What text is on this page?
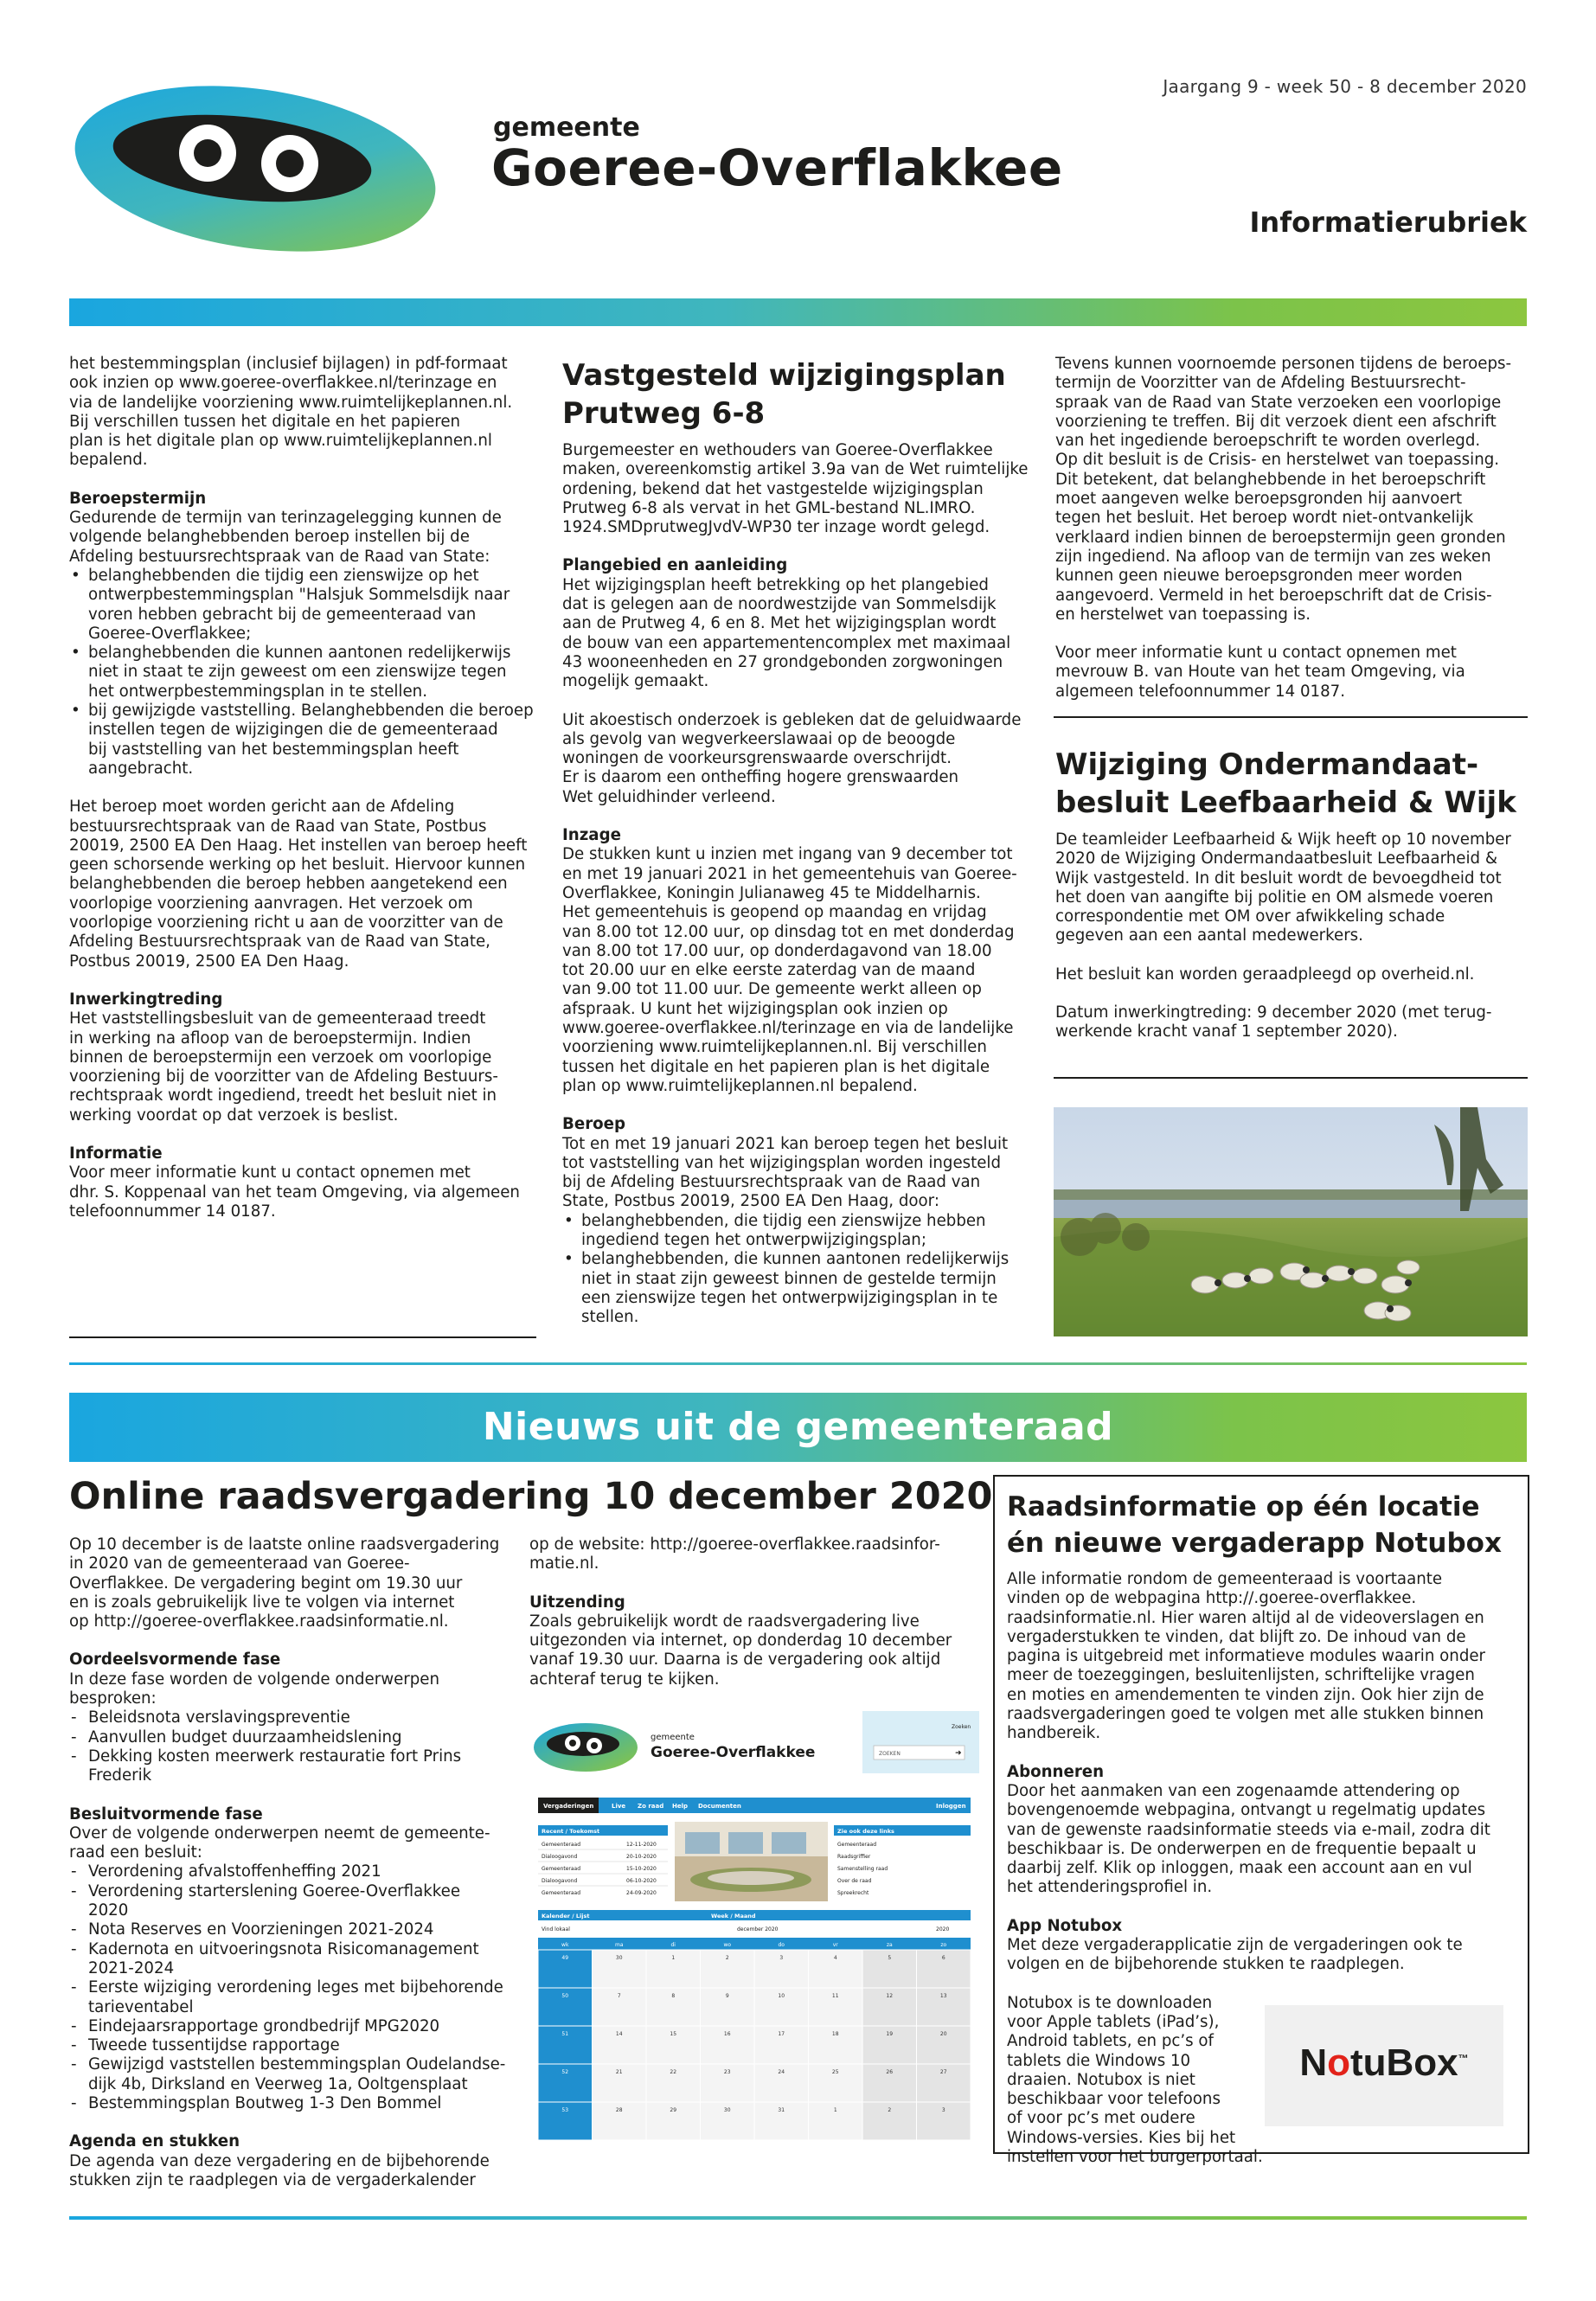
Jaargang 9 - week 50 - 8 december 2020
gemeente
Goeree-Overflakkee
Informatierubriek

het bestemmingsplan (inclusief bijlagen) in pdf-formaat

ook inzien op www.goeree-overflakkee.nl/terinzage en

via de landelijke voorziening www.ruimtelijkeplannen.nl.

Bij verschillen tussen het digitale en het papieren

plan is het digitale plan op www.ruimtelijkeplannen.nl

bepalend.

Beroepstermijn

Gedurende de termijn van terinzagelegging kunnen de

volgende belanghebbenden beroep instellen bij de

Afdeling bestuursrechtspraak van de Raad van State:

• belanghebbenden die tijdig een zienswijze op het

ontwerpbestemmingsplan "Halsjuk Sommelsdijk naar

voren hebben gebracht bij de gemeenteraad van

Goeree-Overflakkee;

• belanghebbenden die kunnen aantonen redelijkerwijs

niet in staat te zijn geweest om een zienswijze tegen

het ontwerpbestemmingsplan in te stellen.

• bij gewijzigde vaststelling. Belanghebbenden die beroep

instellen tegen de wijzigingen die de gemeenteraad

bij vaststelling van het bestemmingsplan heeft

aangebracht.

Het beroep moet worden gericht aan de Afdeling

bestuursrechtspraak van de Raad van State, Postbus

20019, 2500 EA Den Haag. Het instellen van beroep heeft

geen schorsende werking op het besluit. Hiervoor kunnen

belanghebbenden die beroep hebben aangetekend een

voorlopige voorziening aanvragen. Het verzoek om

voorlopige voorziening richt u aan de voorzitter van de

Afdeling Bestuursrechtspraak van de Raad van State,

Postbus 20019, 2500 EA Den Haag.

Inwerkingtreding

Het vaststellingsbesluit van de gemeenteraad treedt

in werking na afloop van de beroepstermijn. Indien

binnen de beroepstermijn een verzoek om voorlopige

voorziening bij de voorzitter van de Afdeling Bestuurs-

rechtspraak wordt ingediend, treedt het besluit niet in

werking voordat op dat verzoek is beslist.

Informatie

Voor meer informatie kunt u contact opnemen met

dhr. S. Koppenaal van het team Omgeving, via algemeen

telefoonnummer 14 0187.

Vastgesteld wijzigingsplan

Prutweg 6-8

Burgemeester en wethouders van Goeree-Overflakkee

maken, overeenkomstig artikel 3.9a van de Wet ruimtelijke

ordening, bekend dat het vastgestelde wijzigingsplan

Prutweg 6-8 als vervat in het GML-bestand NL.IMRO.

1924.SMDprutwegJvdV-WP30 ter inzage wordt gelegd.

Plangebied en aanleiding

Het wijzigingsplan heeft betrekking op het plangebied

dat is gelegen aan de noordwestzijde van Sommelsdijk

aan de Prutweg 4, 6 en 8. Met het wijzigingsplan wordt

de bouw van een appartementencomplex met maximaal

43 wooneenheden en 27 grondgebonden zorgwoningen

mogelijk gemaakt.

Uit akoestisch onderzoek is gebleken dat de geluidwaarde

als gevolg van wegverkeerslawaai op de beoogde

woningen de voorkeursgrenswaarde overschrijdt.

Er is daarom een ontheffing hogere grenswaarden

Wet geluidhinder verleend.

Inzage

De stukken kunt u inzien met ingang van 9 december tot

en met 19 januari 2021 in het gemeentehuis van Goeree-

Overflakkee, Koningin Julianaweg 45 te Middelharnis.

Het gemeentehuis is geopend op maandag en vrijdag

van 8.00 tot 12.00 uur, op dinsdag tot en met donderdag

van 8.00 tot 17.00 uur, op donderdagavond van 18.00

tot 20.00 uur en elke eerste zaterdag van de maand

van 9.00 tot 11.00 uur. De gemeente werkt alleen op

afspraak. U kunt het wijzigingsplan ook inzien op

www.goeree-overflakkee.nl/terinzage en via de landelijke

voorziening www.ruimtelijkeplannen.nl. Bij verschillen

tussen het digitale en het papieren plan is het digitale

plan op www.ruimtelijkeplannen.nl bepalend.

Beroep

Tot en met 19 januari 2021 kan beroep tegen het besluit

tot vaststelling van het wijzigingsplan worden ingesteld

bij de Afdeling Bestuursrechtspraak van de Raad van

State, Postbus 20019, 2500 EA Den Haag, door:

• belanghebbenden, die tijdig een zienswijze hebben

ingediend tegen het ontwerpwijzigingsplan;

• belanghebbenden, die kunnen aantonen redelijkerwijs

niet in staat zijn geweest binnen de gestelde termijn

een zienswijze tegen het ontwerpwijzigingsplan in te

stellen.

Tevens kunnen voornoemde personen tijdens de beroeps-

termijn de Voorzitter van de Afdeling Bestuursrecht-

spraak van de Raad van State verzoeken een voorlopige

voorziening te treffen. Bij dit verzoek dient een afschrift

van het ingediende beroepschrift te worden overlegd.

Op dit besluit is de Crisis- en herstelwet van toepassing.

Dit betekent, dat belanghebbende in het beroepschrift

moet aangeven welke beroepsgronden hij aanvoert

tegen het besluit. Het beroep wordt niet-ontvankelijk

verklaard indien binnen de beroepstermijn geen gronden

zijn ingediend. Na afloop van de termijn van zes weken

kunnen geen nieuwe beroepsgronden meer worden

aangevoerd. Vermeld in het beroepschrift dat de Crisis-

en herstelwet van toepassing is.

Voor meer informatie kunt u contact opnemen met

mevrouw B. van Houte van het team Omgeving, via

algemeen telefoonnummer 14 0187.

Wijziging Ondermandaat-

besluit Leefbaarheid & Wijk

De teamleider Leefbaarheid & Wijk heeft op 10 november

2020 de Wijziging Ondermandaatbesluit Leefbaarheid &

Wijk vastgesteld. In dit besluit wordt de bevoegdheid tot

het doen van aangifte bij politie en OM alsmede voeren

correspondentie met OM over afwikkeling schade

gegeven aan een aantal medewerkers.

Het besluit kan worden geraadpleegd op overheid.nl.

Datum inwerkingtreding: 9 december 2020 (met terug-

werkende kracht vanaf 1 september 2020).

Nieuws uit de gemeenteraad
Online raadsvergadering 10 december 2020

Op 10 december is de laatste online raadsvergadering

in 2020 van de gemeenteraad van Goeree-

Overflakkee. De vergadering begint om 19.30 uur

en is zoals gebruikelijk live te volgen via internet

op http://goeree-overflakkee.raadsinformatie.nl.

Oordeelsvormende fase

In deze fase worden de volgende onderwerpen

besproken:

- Beleidsnota verslavingspreventie

- Aanvullen budget duurzaamheidslening

- Dekking kosten meerwerk restauratie fort Prins

Frederik

Besluitvormende fase

Over de volgende onderwerpen neemt de gemeente-

raad een besluit:

- Verordening afvalstoffenheffing 2021

- Verordening starterslening Goeree-Overflakkee

2020

- Nota Reserves en Voorzieningen 2021-2024

- Kadernota en uitvoeringsnota Risicomanagement

2021-2024

- Eerste wijziging verordening leges met bijbehorende

tarieventabel

- Eindejaarsrapportage grondbedrijf MPG2020

- Tweede tussentijdse rapportage

- Gewijzigd vaststellen bestemmingsplan Oudelandse-

dijk 4b, Dirksland en Veerweg 1a, Ooltgensplaat

- Bestemmingsplan Boutweg 1-3 Den Bommel

Agenda en stukken

De agenda van deze vergadering en de bijbehorende

stukken zijn te raadplegen via de vergaderkalender

op de website: http://goeree-overflakkee.raadsinfor-

matie.nl.

Uitzending

Zoals gebruikelijk wordt de raadsvergadering live

uitgezonden via internet, op donderdag 10 december

vanaf 19.30 uur. Daarna is de vergadering ook altijd

achteraf terug te kijken.

gemeente
Goeree-Overflakkee
Zoeken
ZOEKEN	➜
Vergaderingen	Live Zo raad Help Documenten	Inloggen
Recent / Toekomst
Gemeenteraad	12-11-2020
Dialoogavond	20-10-2020
Gemeenteraad	15-10-2020
Dialoogavond	06-10-2020
Gemeenteraad	24-09-2020
Zie ook deze links
Gemeenteraad
Raadsgriffier
Samenstelling raad
Over de raad
Spreekrecht
Kalender / Lijst	Week / Maand
Vind lokaal	december 2020	2020
wk	ma	di	wo	do	vr	za	zo
49	30	1	2	3	4	5	6
50	7	8	9	10	11	12	13
51	14	15	16	17	18	19	20
52	21	22	23	24	25	26	27
53	28	29	30	31	1	2	3

Raadsinformatie op één locatie

én nieuwe vergaderapp Notubox

Alle informatie rondom de gemeenteraad is voortaante

vinden op de webpagina http://.goeree-overflakkee.

raadsinformatie.nl. Hier waren altijd al de videoverslagen en

vergaderstukken te vinden, dat blijft zo. De inhoud van de

pagina is uitgebreid met informatieve modules waarin onder

meer de toezeggingen, besluitenlijsten, schriftelijke vragen

en moties en amendementen te vinden zijn. Ook hier zijn de

raadsvergaderingen goed te volgen met alle stukken binnen

handbereik.

Abonneren

Door het aanmaken van een zogenaamde attendering op

bovengenoemde webpagina, ontvangt u regelmatig updates

van de gewenste raadsinformatie steeds via e-mail, zodra dit

beschikbaar is. De onderwerpen en de frequentie bepaalt u

daarbij zelf. Klik op inloggen, maak een account aan en vul

het attenderingsprofiel in.

App Notubox

Met deze vergaderapplicatie zijn de vergaderingen ook te

volgen en de bijbehorende stukken te raadplegen.

Notubox is te downloaden

voor Apple tablets (iPad’s),

Android tablets, en pc’s of

tablets die Windows 10

draaien. Notubox is niet

beschikbaar voor telefoons

of voor pc’s met oudere

Windows-versies. Kies bij het

instellen voor het burgerportaal.

NotuBox™
